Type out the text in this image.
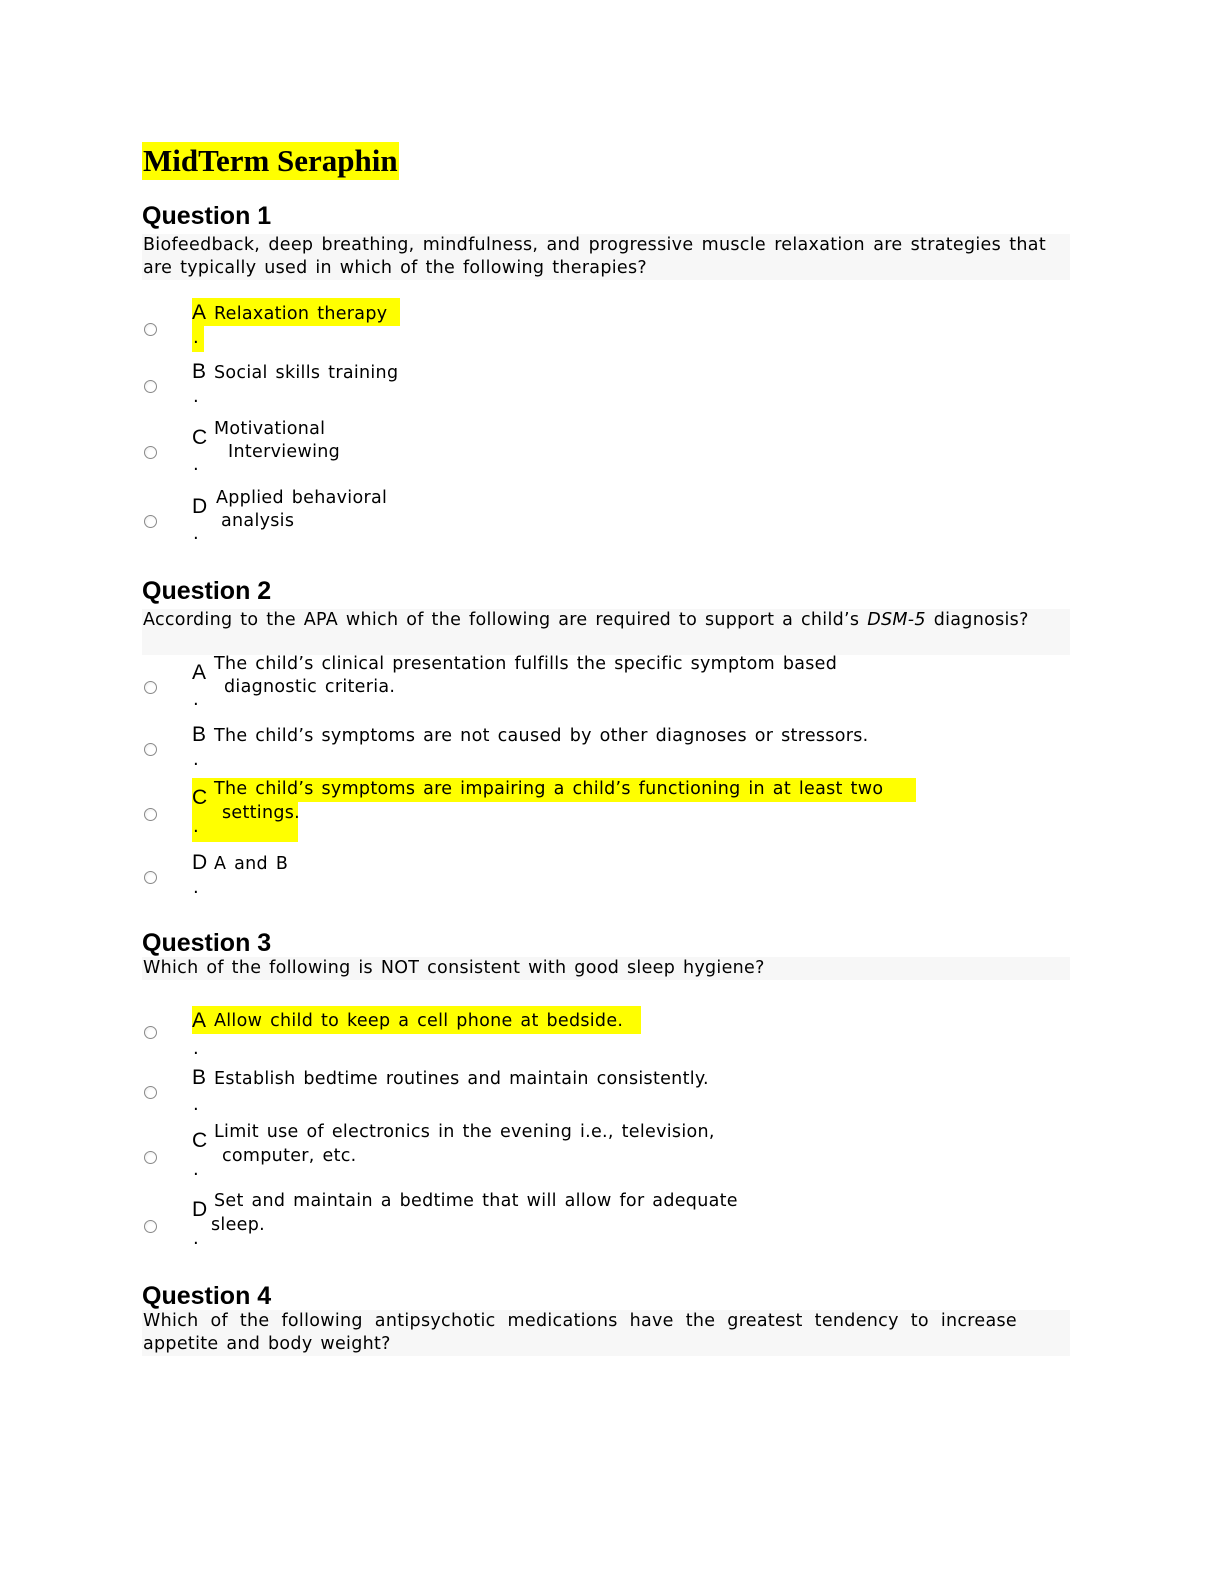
MidTerm Seraphin
Question 1

Biofeedback, deep breathing, mindfulness, and progressive muscle relaxation are strategies that are typically used in which of the following therapies?

A
.
Relaxation therapy
B
.
Social skills training
C
.
Motivational
Interviewing
D
.
Applied behavioral
analysis
Question 2

According to the APA which of the following are required to support a child’s DSM-5 diagnosis?

A
.
The child’s clinical presentation fulfills the specific symptom based
diagnostic criteria.
B
.
The child’s symptoms are not caused by other diagnoses or stressors.
C
.
The child’s symptoms are impairing a child’s functioning in at least two
settings.
D
.
A and B
Question 3

Which of the following is NOT consistent with good sleep hygiene?

A
.
Allow child to keep a cell phone at bedside.
B
.
Establish bedtime routines and maintain consistently.
C
.
Limit use of electronics in the evening i.e., television,
computer, etc.
D
.
Set and maintain a bedtime that will allow for adequate
sleep.
Question 4

Which of the following antipsychotic medications have the greatest tendency to increase appetite and body weight?
